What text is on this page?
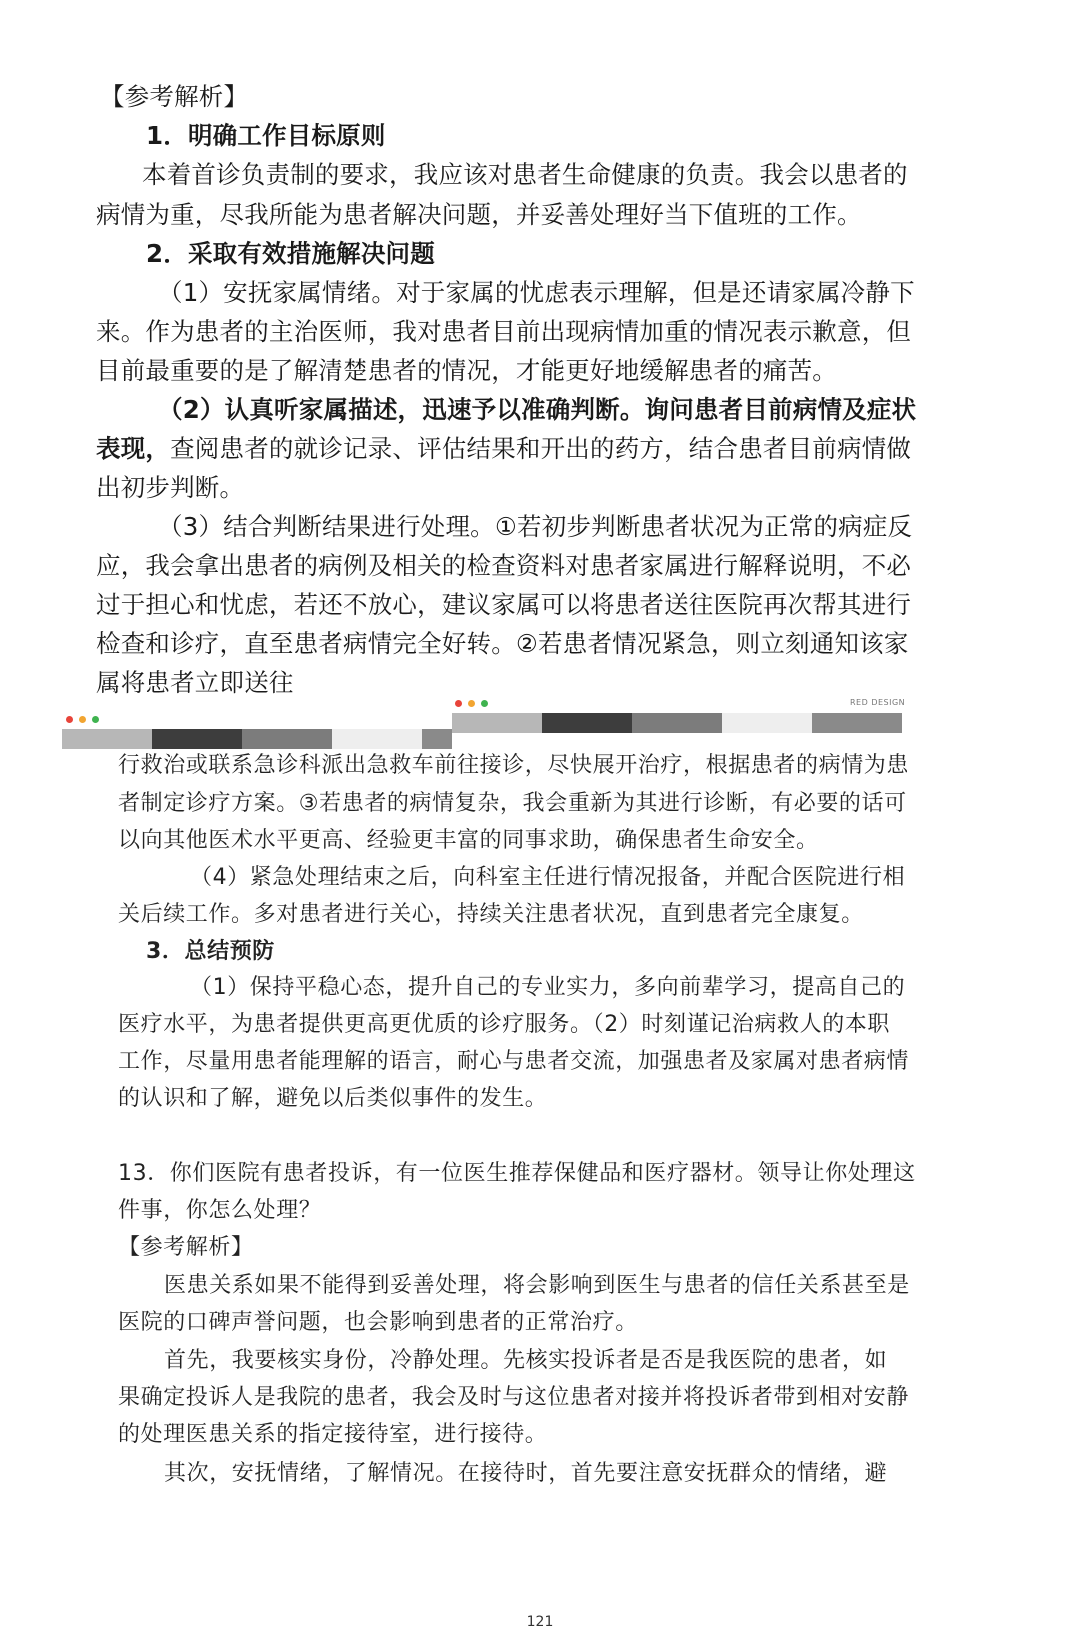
【参考解析】

1．明确工作目标原则

本着首诊负责制的要求，我应该对患者生命健康的负责。我会以患者的

病情为重，尽我所能为患者解决问题，并妥善处理好当下值班的工作。

2．采取有效措施解决问题

（1）安抚家属情绪。对于家属的忧虑表示理解，但是还请家属冷静下

来。作为患者的主治医师，我对患者目前出现病情加重的情况表示歉意，但

目前最重要的是了解清楚患者的情况，才能更好地缓解患者的痛苦。

（2）认真听家属描述，迅速予以准确判断。询问患者目前病情及症状

表现，查阅患者的就诊记录、评估结果和开出的药方，结合患者目前病情做

出初步判断。

（3）结合判断结果进行处理。①若初步判断患者状况为正常的病症反

应，我会拿出患者的病例及相关的检查资料对患者家属进行解释说明，不必

过于担心和忧虑，若还不放心，建议家属可以将患者送往医院再次帮其进行

检查和诊疗，直至患者病情完全好转。②若患者情况紧急，则立刻通知该家

属将患者立即送往

RED DESIGN

行救治或联系急诊科派出急救车前往接诊，尽快展开治疗，根据患者的病情为患

者制定诊疗方案。③若患者的病情复杂，我会重新为其进行诊断，有必要的话可

以向其他医术水平更高、经验更丰富的同事求助，确保患者生命安全。

（4）紧急处理结束之后，向科室主任进行情况报备，并配合医院进行相

关后续工作。多对患者进行关心，持续关注患者状况，直到患者完全康复。

3．总结预防

（1）保持平稳心态，提升自己的专业实力，多向前辈学习，提高自己的

医疗水平，为患者提供更高更优质的诊疗服务。（2）时刻谨记治病救人的本职

工作，尽量用患者能理解的语言，耐心与患者交流，加强患者及家属对患者病情

的认识和了解，避免以后类似事件的发生。

13．你们医院有患者投诉，有一位医生推荐保健品和医疗器材。领导让你处理这

件事，你怎么处理？

【参考解析】

医患关系如果不能得到妥善处理，将会影响到医生与患者的信任关系甚至是

医院的口碑声誉问题，也会影响到患者的正常治疗。

首先，我要核实身份，冷静处理。先核实投诉者是否是我医院的患者，如

果确定投诉人是我院的患者，我会及时与这位患者对接并将投诉者带到相对安静

的处理医患关系的指定接待室，进行接待。

其次，安抚情绪，了解情况。在接待时，首先要注意安抚群众的情绪，避

121
